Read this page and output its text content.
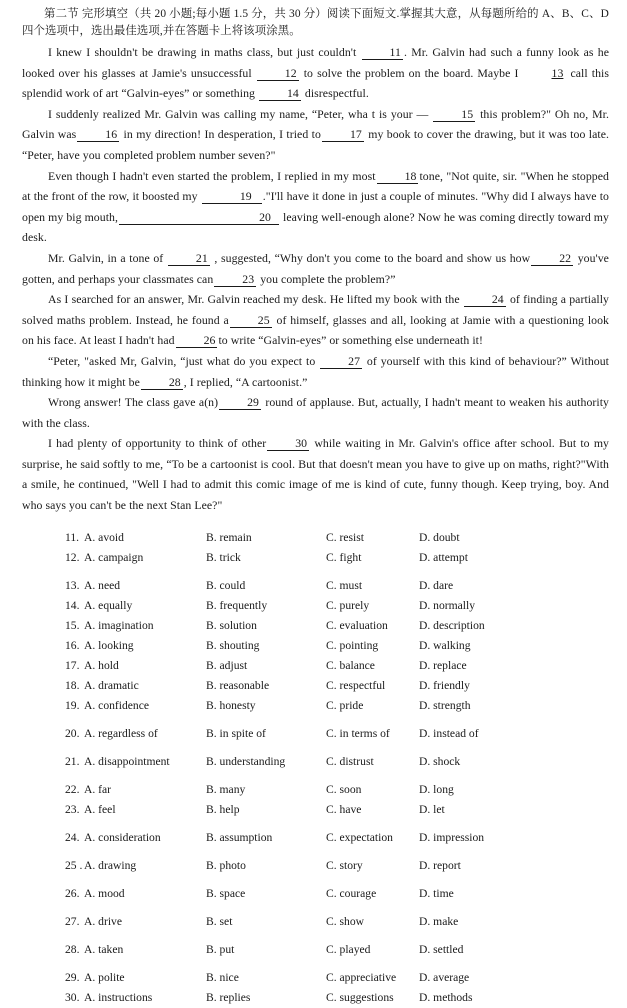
第二节 完形填空（共 20 小题;每小题 1.5 分，共 30 分）阅读下面短文.掌握其大意，从每题所给的 A、B、C、D 四个选项中，选出最佳选项,并在答题卡上将该项涂黑。

I knew I shouldn't be drawing in maths class, but just couldn't 11 . Mr. Galvin had such a funny look as he looked over his glasses at Jamie's unsuccessful 12 to solve the problem on the board. Maybe I 13 call this splendid work of art “Galvin-eyes” or something 14 disrespectful.

I suddenly realized Mr. Galvin was calling my name, “Peter, wha t is your — 15 this problem?" Oh no, Mr. Galvin was 16 in my direction! In desperation, I tried to 17 my book to cover the drawing, but it was too late. “Peter, have you completed problem number seven?"

Even though I hadn't even started the problem, I replied in my most 18 tone, "Not quite, sir. "When he stopped at the front of the row, it boosted my	19 ."I'll have it done in just a couple of minutes. "Why did I always have to open my big mouth,	20 leaving well-enough alone? Now he was coming directly toward my desk.

Mr. Galvin, in a tone of 21 , suggested, “Why don't you come to the board and show us how 22 you've gotten, and perhaps your classmates can 23 you complete the problem?”

As I searched for an answer, Mr. Galvin reached my desk. He lifted my book with the 24 of finding a partially solved maths problem. Instead, he found a 25 of himself, glasses and all, looking at Jamie with a questioning look on his face. At least I hadn't had 26 to write “Galvin-eyes” or something else underneath it!

“Peter, "asked Mr, Galvin, “just what do you expect to 27 of yourself with this kind of behaviour?” Without thinking how it might be 28 , I replied, “A cartoonist.”

Wrong answer! The class gave a(n) 29 round of applause. But, actually, I hadn't meant to weaken his authority with the class.

I had plenty of opportunity to think of other 30 while waiting in Mr. Galvin's office after school. But to my surprise, he said softly to me, “To be a cartoonist is cool. But that doesn't mean you have to give up on maths, right?"With a smile, he continued, "Well I had to admit this comic image of me is kind of cute, funny though. Keep trying, boy. And who says you can't be the next Stan Lee?"

11. A. avoid	B. remain	C. resist	D. doubt
12. A. campaign	B. trick	C. fight	D. attempt
13. A. need	B. could	C. must	D. dare
14. A. equally	B. frequently	C. purely	D. normally
15. A. imagination	B. solution	C. evaluation	D. description
16. A. looking	B. shouting	C. pointing	D. walking
17. A. hold	B. adjust	C. balance	D. replace
18. A. dramatic	B. reasonable	C. respectful	D. friendly
19. A. confidence	B. honesty	C. pride	D. strength
20. A. regardless of	B. in spite of	C. in terms of	D. instead of
21. A. disappointment	B. understanding	C. distrust	D. shock
22. A. far	B. many	C. soon	D. long
23. A. feel	B. help	C. have	D. let
24. A. consideration	B. assumption	C. expectation	D. impression
25 . A. drawing	B. photo	C. story	D. report
26. A. mood	B. space	C. courage	D. time
27. A. drive	B. set	C. show	D. make
28. A. taken	B. put	C. played	D. settled
29. A. polite	B. nice	C. appreciative	D. average
30. A. instructions	B. replies	C. suggestions	D. methods
